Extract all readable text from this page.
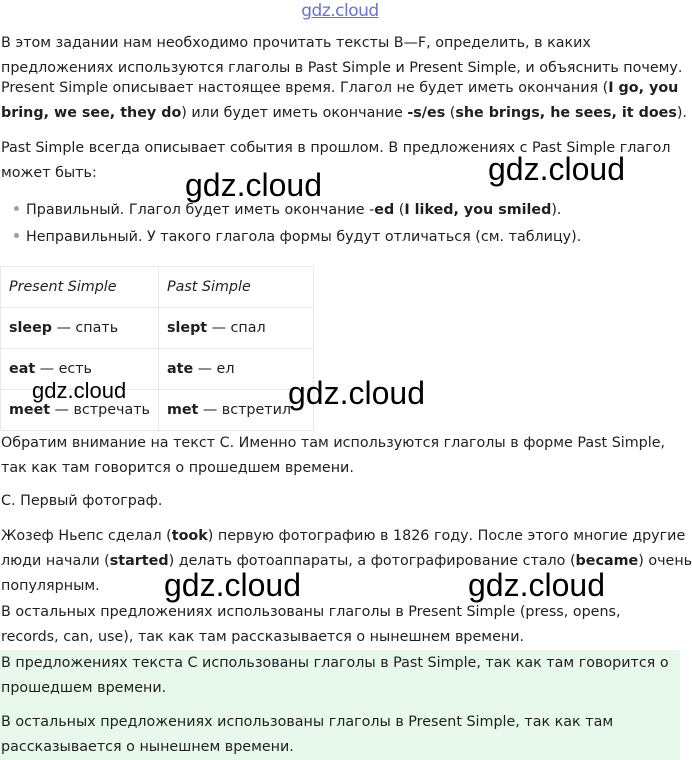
gdz.cloud

В этом задании нам необходимо прочитать тексты B—F, определить, в каких

предложениях используются глаголы в Past Simple и Present Simple, и объяснить почему.

Present Simple описывает настоящее время. Глагол не будет иметь окончания (I go, you

bring, we see, they do) или будет иметь окончание -s/es (she brings, he sees, it does).

Past Simple всегда описывает события в прошлом. В предложениях с Past Simple глагол

может быть:

Правильный. Глагол будет иметь окончание -ed (I liked, you smiled).
Неправильный. У такого глагола формы будут отличаться (см. таблицу).
Present Simple	Past Simple
sleep — спать	slept — спал
eat — есть	ate — ел
meet — встречать	met — встретил

Обратим внимание на текст С. Именно там используются глаголы в форме Past Simple,

так как там говорится о прошедшем времени.

С. Первый фотограф.

Жозеф Ньепс сделал (took) первую фотографию в 1826 году. После этого многие другие

люди начали (started) делать фотоаппараты, а фотографирование стало (became) очень

популярным.

В остальных предложениях использованы глаголы в Present Simple (press, opens,

records, can, use), так как там рассказывается о нынешнем времени.

В предложениях текста С использованы глаголы в Past Simple, так как там говорится о

прошедшем времени.

В остальных предложениях использованы глаголы в Present Simple, так как там

рассказывается о нынешнем времени.

gdz.cloud	gdz.cloud
gdz.cloud	gdz.cloud
gdz.cloud	gdz.cloud
